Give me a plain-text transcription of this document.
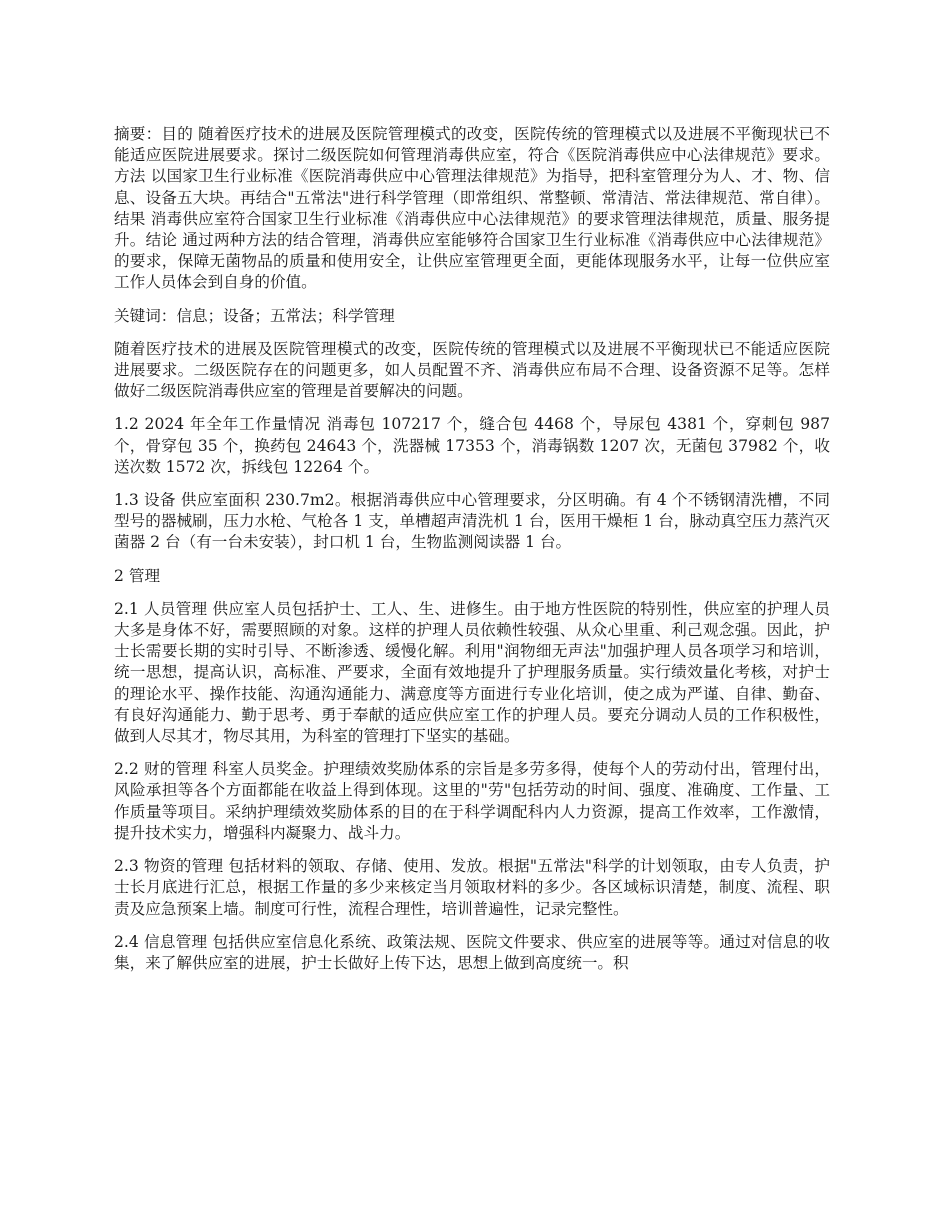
摘要：目的 随着医疗技术的进展及医院管理模式的改变，医院传统的管理模式以及进展不平衡现状已不能适应医院进展要求。探讨二级医院如何管理消毒供应室，符合《医院消毒供应中心法律规范》要求。方法 以国家卫生行业标准《医院消毒供应中心管理法律规范》为指导，把科室管理分为人、才、物、信息、设备五大块。再结合"五常法"进行科学管理（即常组织、常整顿、常清洁、常法律规范、常自律）。结果 消毒供应室符合国家卫生行业标准《消毒供应中心法律规范》的要求管理法律规范，质量、服务提升。结论 通过两种方法的结合管理，消毒供应室能够符合国家卫生行业标准《消毒供应中心法律规范》的要求，保障无菌物品的质量和使用安全，让供应室管理更全面，更能体现服务水平，让每一位供应室工作人员体会到自身的价值。

关键词：信息；设备；五常法；科学管理

随着医疗技术的进展及医院管理模式的改变，医院传统的管理模式以及进展不平衡现状已不能适应医院进展要求。二级医院存在的问题更多，如人员配置不齐、消毒供应布局不合理、设备资源不足等。怎样做好二级医院消毒供应室的管理是首要解决的问题。

1.2 2024 年全年工作量情况 消毒包 107217 个，缝合包 4468 个，导尿包 4381 个，穿刺包 987 个，骨穿包 35 个，换药包 24643 个，洗器械 17353 个，消毒锅数 1207 次，无菌包 37982 个，收送次数 1572 次，拆线包 12264 个。

1.3 设备 供应室面积 230.7m2。根据消毒供应中心管理要求，分区明确。有 4 个不锈钢清洗槽，不同型号的器械刷，压力水枪、气枪各 1 支，单槽超声清洗机 1 台，医用干燥柜 1 台，脉动真空压力蒸汽灭菌器 2 台（有一台未安装），封口机 1 台，生物监测阅读器 1 台。

2 管理

2.1 人员管理 供应室人员包括护士、工人、生、进修生。由于地方性医院的特别性，供应室的护理人员大多是身体不好，需要照顾的对象。这样的护理人员依赖性较强、从众心里重、利己观念强。因此，护士长需要长期的实时引导、不断渗透、缓慢化解。利用"润物细无声法"加强护理人员各项学习和培训，统一思想，提高认识，高标准、严要求，全面有效地提升了护理服务质量。实行绩效量化考核，对护士的理论水平、操作技能、沟通沟通能力、满意度等方面进行专业化培训，使之成为严谨、自律、勤奋、有良好沟通能力、勤于思考、勇于奉献的适应供应室工作的护理人员。要充分调动人员的工作积极性，做到人尽其才，物尽其用，为科室的管理打下坚实的基础。

2.2 财的管理 科室人员奖金。护理绩效奖励体系的宗旨是多劳多得，使每个人的劳动付出，管理付出，风险承担等各个方面都能在收益上得到体现。这里的"劳"包括劳动的时间、强度、准确度、工作量、工作质量等项目。采纳护理绩效奖励体系的目的在于科学调配科内人力资源，提高工作效率，工作激情，提升技术实力，增强科内凝聚力、战斗力。

2.3 物资的管理 包括材料的领取、存储、使用、发放。根据"五常法"科学的计划领取，由专人负责，护士长月底进行汇总，根据工作量的多少来核定当月领取材料的多少。各区域标识清楚，制度、流程、职责及应急预案上墙。制度可行性，流程合理性，培训普遍性，记录完整性。

2.4 信息管理 包括供应室信息化系统、政策法规、医院文件要求、供应室的进展等等。通过对信息的收集，来了解供应室的进展，护士长做好上传下达，思想上做到高度统一。积
